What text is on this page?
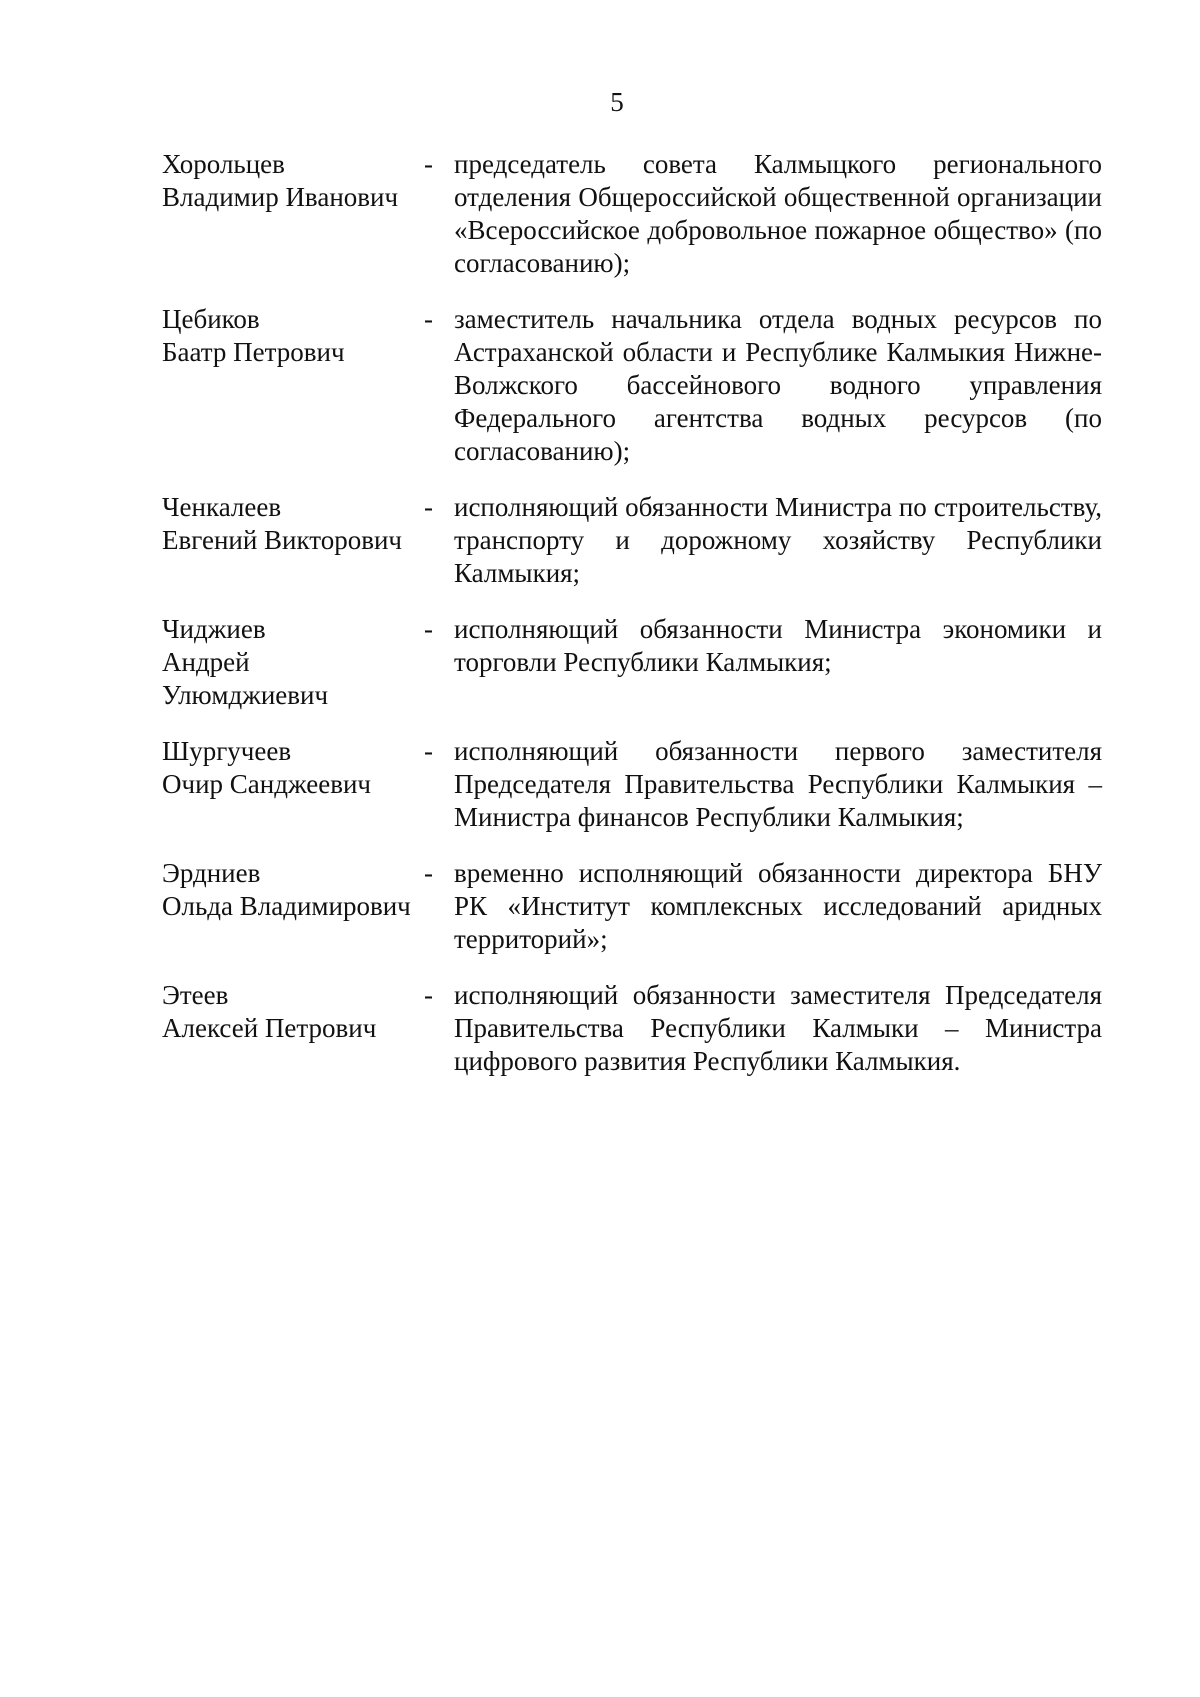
5
Хорольцев
Владимир Иванович
- председатель совета Калмыцкого регионального отделения Общероссийской общественной организации «Всероссийское добровольное пожарное общество» (по согласованию);
Цебиков
Баатр Петрович
- заместитель начальника отдела водных ресурсов по Астраханской области и Республике Калмыкия Нижне-Волжского бассейнового водного управления Федерального агентства водных ресурсов (по согласованию);
Ченкалеев
Евгений Викторович
- исполняющий обязанности Министра по строительству, транспорту и дорожному хозяйству Республики Калмыкия;
Чиджиев
Андрей
Улюмджиевич
- исполняющий обязанности Министра экономики и торговли Республики Калмыкия;
Шургучеев
Очир Санджеевич
- исполняющий обязанности первого заместителя Председателя Правительства Республики Калмыкия – Министра финансов Республики Калмыкия;
Эрдниев
Ольда Владимирович
- временно исполняющий обязанности директора БНУ РК «Институт комплексных исследований аридных территорий»;
Этеев
Алексей Петрович
- исполняющий обязанности заместителя Председателя Правительства Республики Калмыки – Министра цифрового развития Республики Калмыкия.
